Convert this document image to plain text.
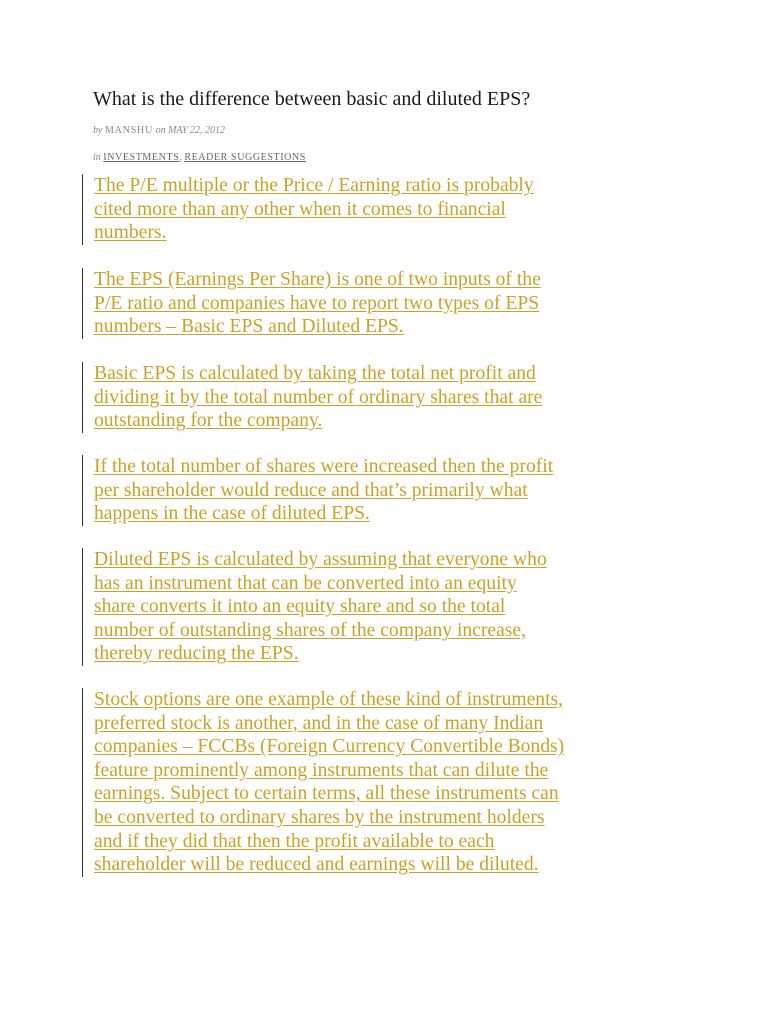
What is the difference between basic and diluted EPS?
by MANSHU on MAY 22, 2012
in INVESTMENTS, READER SUGGESTIONS
The P/E multiple or the Price / Earning ratio is probably
cited more than any other when it comes to financial
numbers.
The EPS (Earnings Per Share) is one of two inputs of the
P/E ratio and companies have to report two types of EPS
numbers – Basic EPS and Diluted EPS.
Basic EPS is calculated by taking the total net profit and
dividing it by the total number of ordinary shares that are
outstanding for the company.
If the total number of shares were increased then the profit
per shareholder would reduce and that’s primarily what
happens in the case of diluted EPS.
Diluted EPS is calculated by assuming that everyone who
has an instrument that can be converted into an equity
share converts it into an equity share and so the total
number of outstanding shares of the company increase,
thereby reducing the EPS.
Stock options are one example of these kind of instruments,
preferred stock is another, and in the case of many Indian
companies – FCCBs (Foreign Currency Convertible Bonds)
feature prominently among instruments that can dilute the
earnings. Subject to certain terms, all these instruments can
be converted to ordinary shares by the instrument holders
and if they did that then the profit available to each
shareholder will be reduced and earnings will be diluted.
